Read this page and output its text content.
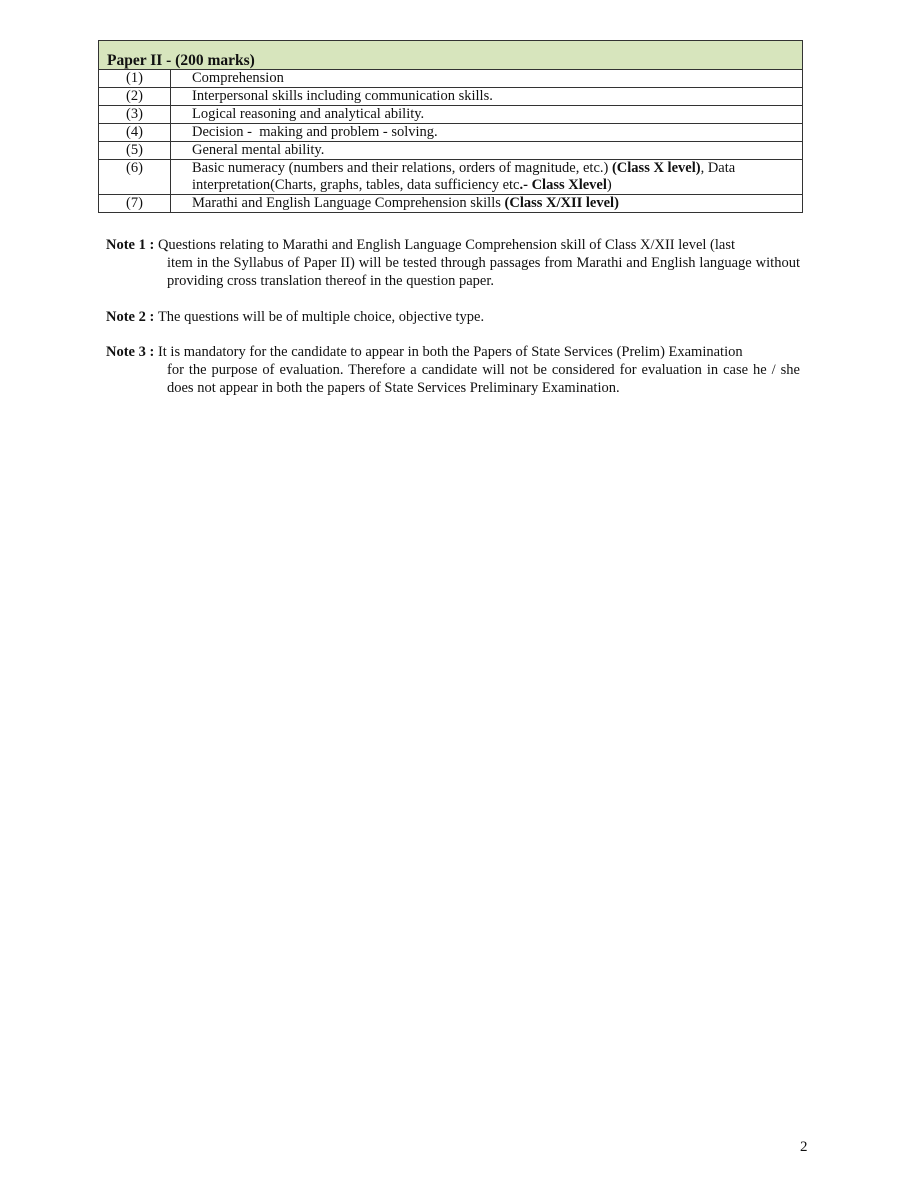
Paper II - (200 marks)	
(1)	Comprehension
(2)	Interpersonal skills including communication skills.
(3)	Logical reasoning and analytical ability.
(4)	Decision -  making and problem - solving.
(5)	General mental ability.
(6)	Basic numeracy (numbers and their relations, orders of magnitude, etc.) (Class X level), Data interpretation(Charts, graphs, tables, data sufficiency etc.- Class Xlevel)
(7)	Marathi and English Language Comprehension skills (Class X/XII level)
Note 1 : Questions relating to Marathi and English Language Comprehension skill of Class X/XII level (last
item in the Syllabus of Paper II) will be tested through passages from Marathi and English language without providing cross translation thereof in the question paper.
Note 2 : The questions will be of multiple choice, objective type.
Note 3 : It is mandatory for the candidate to appear in both the Papers of State Services (Prelim) Examination
for the purpose of evaluation. Therefore a candidate will not be considered for evaluation in case he / she does not appear in both the papers of State Services Preliminary Examination.
2
